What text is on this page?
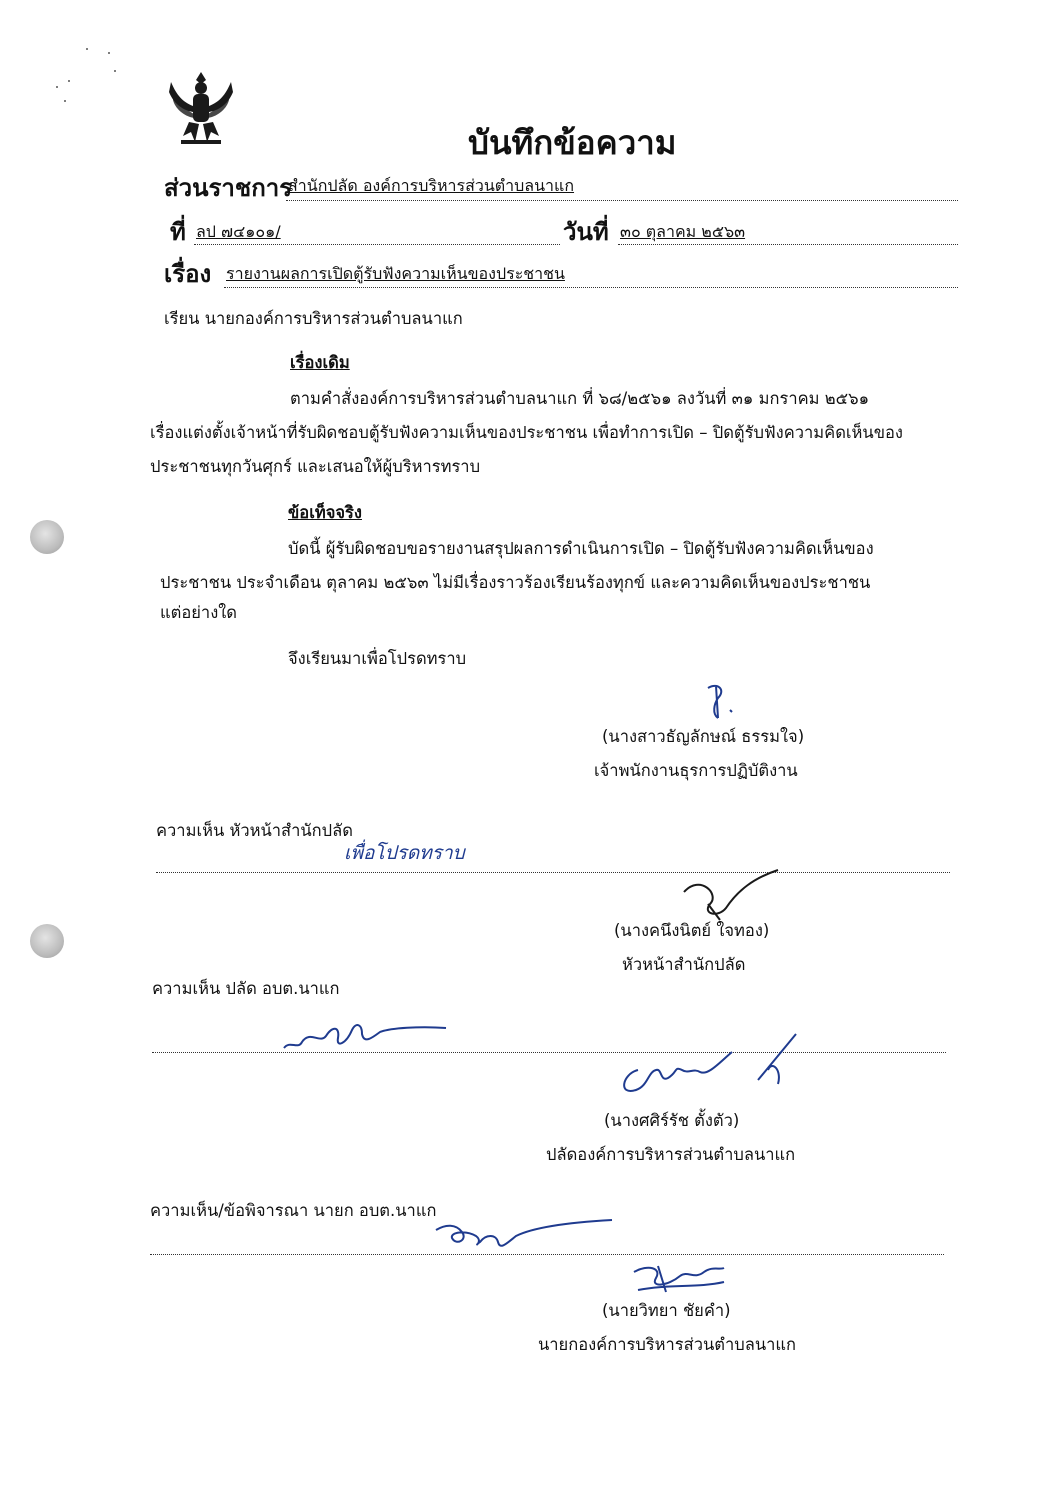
บันทึกข้อความ
ส่วนราชการ
สำนักปลัด องค์การบริหารส่วนตำบลนาแก
ที่ ลป ๗๔๑๐๑/	วันที่ ๓๐ ตุลาคม ๒๕๖๓
เรื่อง รายงานผลการเปิดตู้รับฟังความเห็นของประชาชน
เรียน นายกองค์การบริหารส่วนตำบลนาแก
เรื่องเดิม
ตามคำสั่งองค์การบริหารส่วนตำบลนาแก ที่ ๖๘/๒๕๖๑ ลงวันที่ ๓๑ มกราคม ๒๕๖๑
เรื่องแต่งตั้งเจ้าหน้าที่รับผิดชอบตู้รับฟังความเห็นของประชาชน เพื่อทำการเปิด – ปิดตู้รับฟังความคิดเห็นของ
ประชาชนทุกวันศุกร์ และเสนอให้ผู้บริหารทราบ
ข้อเท็จจริง
บัดนี้ ผู้รับผิดชอบขอรายงานสรุปผลการดำเนินการเปิด – ปิดตู้รับฟังความคิดเห็นของ
ประชาชน ประจำเดือน ตุลาคม ๒๕๖๓ ไม่มีเรื่องราวร้องเรียนร้องทุกข์ และความคิดเห็นของประชาชน
แต่อย่างใด
จึงเรียนมาเพื่อโปรดทราบ
(นางสาวธัญลักษณ์ ธรรมใจ)
เจ้าพนักงานธุรการปฏิบัติงาน
ความเห็น หัวหน้าสำนักปลัด
เพื่อโปรดทราบ
(นางคนึงนิตย์ ใจทอง)
หัวหน้าสำนักปลัด
ความเห็น ปลัด อบต.นาแก
(นางศศิร์รัช ตั้งตัว)
ปลัดองค์การบริหารส่วนตำบลนาแก
ความเห็น/ข้อพิจารณา นายก อบต.นาแก
(นายวิทยา ชัยคำ)
นายกองค์การบริหารส่วนตำบลนาแก
